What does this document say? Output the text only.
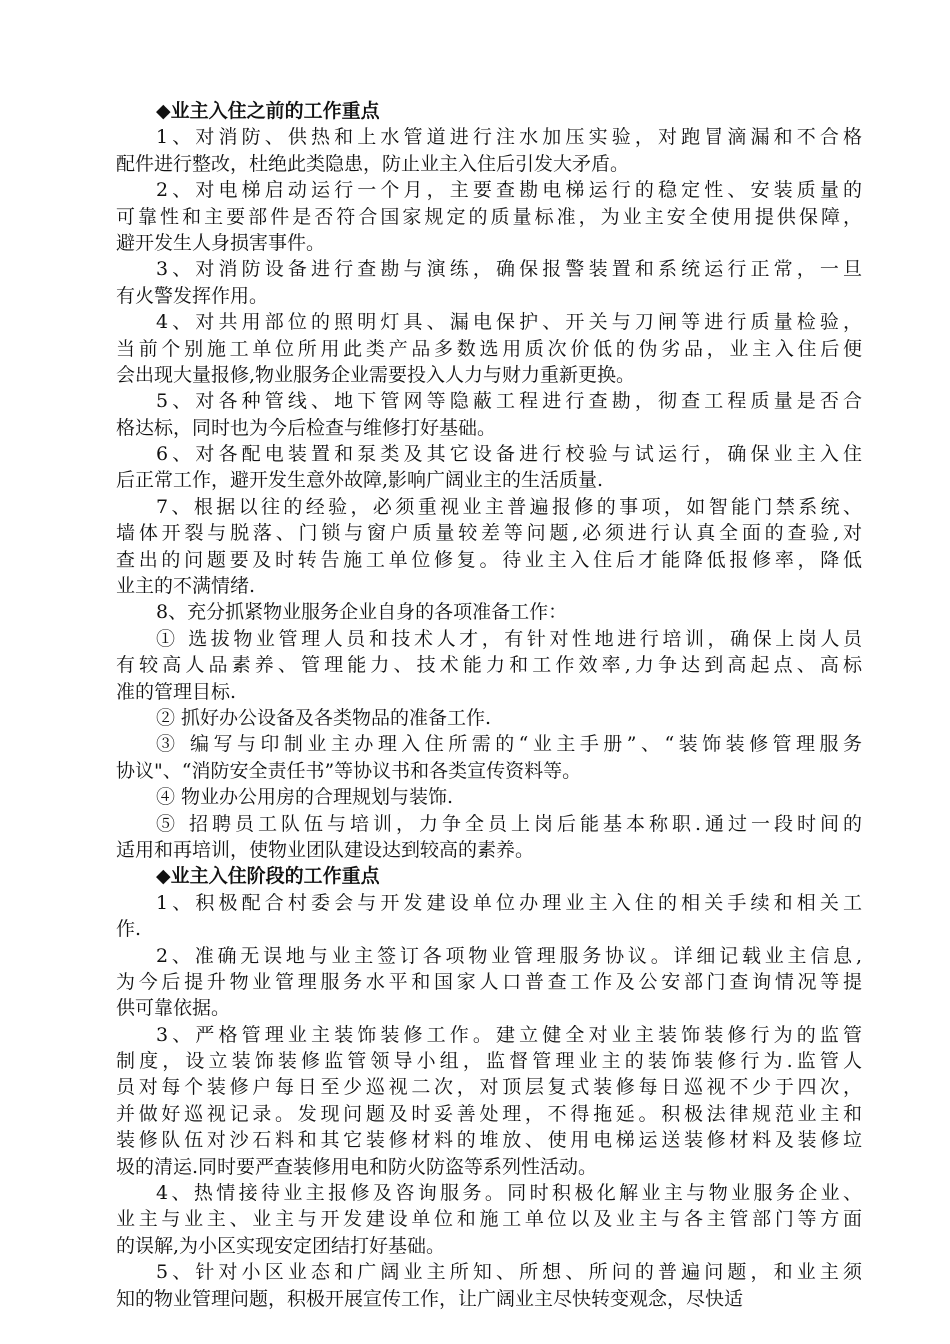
◆业主入住之前的工作重点
1、对消防、供热和上水管道进行注水加压实验，对跑冒滴漏和不合格
配件进行整改，杜绝此类隐患，防止业主入住后引发大矛盾。
2、对电梯启动运行一个月，主要查勘电梯运行的稳定性、安装质量的
可靠性和主要部件是否符合国家规定的质量标准，为业主安全使用提供保障，
避开发生人身损害事件。
3、对消防设备进行查勘与演练，确保报警装置和系统运行正常，一旦
有火警发挥作用。
4、对共用部位的照明灯具、漏电保护、开关与刀闸等进行质量检验，
当前个别施工单位所用此类产品多数选用质次价低的伪劣品，业主入住后便
会出现大量报修,物业服务企业需要投入人力与财力重新更换。
5、对各种管线、地下管网等隐蔽工程进行查勘，彻查工程质量是否合
格达标，同时也为今后检查与维修打好基础。
6、对各配电装置和泵类及其它设备进行校验与试运行，确保业主入住
后正常工作，避开发生意外故障,影响广阔业主的生活质量.
7、根据以往的经验，必须重视业主普遍报修的事项，如智能门禁系统、
墙体开裂与脱落、门锁与窗户质量较差等问题,必须进行认真全面的查验,对
查出的问题要及时转告施工单位修复。待业主入住后才能降低报修率，降低
业主的不满情绪.
8、充分抓紧物业服务企业自身的各项准备工作：
① 选拔物业管理人员和技术人才，有针对性地进行培训，确保上岗人员
有较高人品素养、管理能力、技术能力和工作效率,力争达到高起点、高标
准的管理目标.
② 抓好办公设备及各类物品的准备工作.
③ 编写与印制业主办理入住所需的“业主手册”、“装饰装修管理服务
协议"、“消防安全责任书”等协议书和各类宣传资料等。
④ 物业办公用房的合理规划与装饰.
⑤ 招聘员工队伍与培训，力争全员上岗后能基本称职.通过一段时间的
适用和再培训，使物业团队建设达到较高的素养。
◆业主入住阶段的工作重点
1、积极配合村委会与开发建设单位办理业主入住的相关手续和相关工
作.
2、准确无误地与业主签订各项物业管理服务协议。详细记载业主信息,
为今后提升物业管理服务水平和国家人口普查工作及公安部门查询情况等提
供可靠依据。
3、严格管理业主装饰装修工作。建立健全对业主装饰装修行为的监管
制度，设立装饰装修监管领导小组，监督管理业主的装饰装修行为.监管人
员对每个装修户每日至少巡视二次，对顶层复式装修每日巡视不少于四次，
并做好巡视记录。发现问题及时妥善处理，不得拖延。积极法律规范业主和
装修队伍对沙石料和其它装修材料的堆放、使用电梯运送装修材料及装修垃
圾的清运.同时要严查装修用电和防火防盗等系列性活动。
4、热情接待业主报修及咨询服务。同时积极化解业主与物业服务企业、
业主与业主、业主与开发建设单位和施工单位以及业主与各主管部门等方面
的误解,为小区实现安定团结打好基础。
5、针对小区业态和广阔业主所知、所想、所问的普遍问题，和业主须
知的物业管理问题，积极开展宣传工作，让广阔业主尽快转变观念，尽快适
